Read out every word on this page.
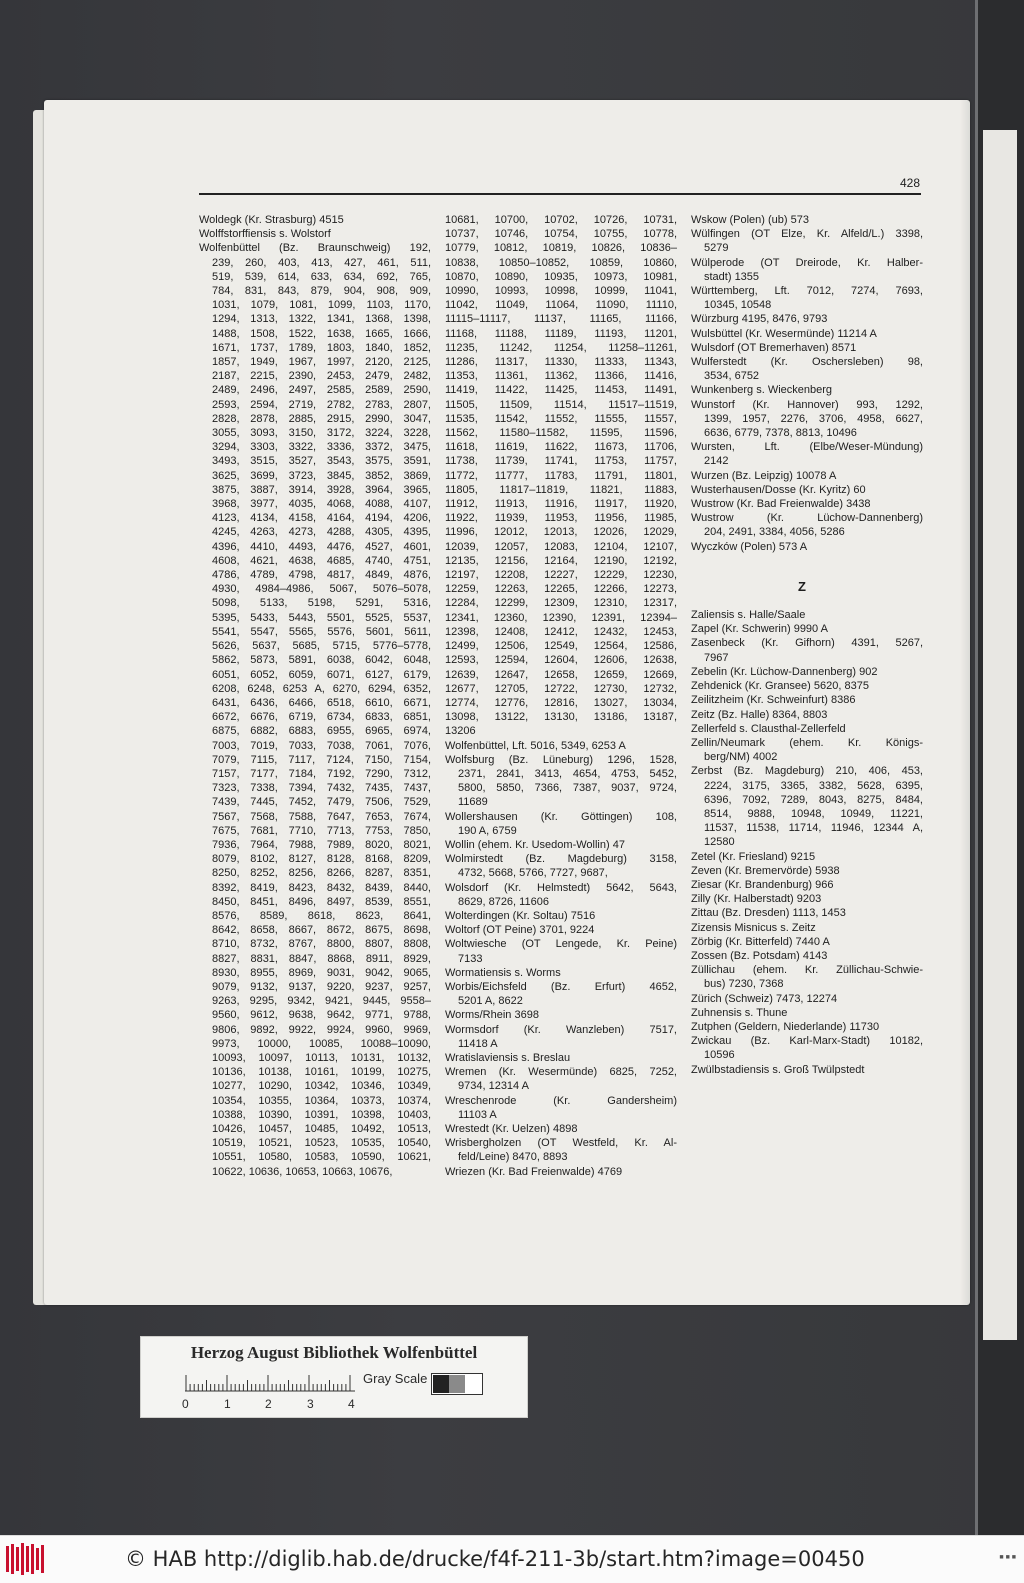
428

Woldegk (Kr. Strasburg) 4515

Wolffstorffiensis s. Wolstorf

Wolfenbüttel (Bz. Braunschweig) 192,
239, 260, 403, 413, 427, 461, 511,
519, 539, 614, 633, 634, 692, 765,
784, 831, 843, 879, 904, 908, 909,
1031, 1079, 1081, 1099, 1103, 1170,
1294, 1313, 1322, 1341, 1368, 1398,
1488, 1508, 1522, 1638, 1665, 1666,
1671, 1737, 1789, 1803, 1840, 1852,
1857, 1949, 1967, 1997, 2120, 2125,
2187, 2215, 2390, 2453, 2479, 2482,
2489, 2496, 2497, 2585, 2589, 2590,
2593, 2594, 2719, 2782, 2783, 2807,
2828, 2878, 2885, 2915, 2990, 3047,
3055, 3093, 3150, 3172, 3224, 3228,
3294, 3303, 3322, 3336, 3372, 3475,
3493, 3515, 3527, 3543, 3575, 3591,
3625, 3699, 3723, 3845, 3852, 3869,
3875, 3887, 3914, 3928, 3964, 3965,
3968, 3977, 4035, 4068, 4088, 4107,
4123, 4134, 4158, 4164, 4194, 4206,
4245, 4263, 4273, 4288, 4305, 4395,
4396, 4410, 4493, 4476, 4527, 4601,
4608, 4621, 4638, 4685, 4740, 4751,
4786, 4789, 4798, 4817, 4849, 4876,
4930, 4984–4986, 5067, 5076–5078,
5098, 5133, 5198, 5291, 5316,
5395, 5433, 5443, 5501, 5525, 5537,
5541, 5547, 5565, 5576, 5601, 5611,
5626, 5637, 5685, 5715, 5776–5778,
5862, 5873, 5891, 6038, 6042, 6048,
6051, 6052, 6059, 6071, 6127, 6179,
6208, 6248, 6253 A, 6270, 6294, 6352,
6431, 6436, 6466, 6518, 6610, 6671,
6672, 6676, 6719, 6734, 6833, 6851,
6875, 6882, 6883, 6955, 6965, 6974,
7003, 7019, 7033, 7038, 7061, 7076,
7079, 7115, 7117, 7124, 7150, 7154,
7157, 7177, 7184, 7192, 7290, 7312,
7323, 7338, 7394, 7432, 7435, 7437,
7439, 7445, 7452, 7479, 7506, 7529,
7567, 7568, 7588, 7647, 7653, 7674,
7675, 7681, 7710, 7713, 7753, 7850,
7936, 7964, 7988, 7989, 8020, 8021,
8079, 8102, 8127, 8128, 8168, 8209,
8250, 8252, 8256, 8266, 8287, 8351,
8392, 8419, 8423, 8432, 8439, 8440,
8450, 8451, 8496, 8497, 8539, 8551,
8576, 8589, 8618, 8623, 8641,
8642, 8658, 8667, 8672, 8675, 8698,
8710, 8732, 8767, 8800, 8807, 8808,
8827, 8831, 8847, 8868, 8911, 8929,
8930, 8955, 8969, 9031, 9042, 9065,
9079, 9132, 9137, 9220, 9237, 9257,
9263, 9295, 9342, 9421, 9445, 9558–
9560, 9612, 9638, 9642, 9771, 9788,
9806, 9892, 9922, 9924, 9960, 9969,
9973, 10000, 10085, 10088–10090,
10093, 10097, 10113, 10131, 10132,
10136, 10138, 10161, 10199, 10275,
10277, 10290, 10342, 10346, 10349,
10354, 10355, 10364, 10373, 10374,
10388, 10390, 10391, 10398, 10403,
10426, 10457, 10485, 10492, 10513,
10519, 10521, 10523, 10535, 10540,
10551, 10580, 10583, 10590, 10621,
10622, 10636, 10653, 10663, 10676,

10681, 10700, 10702, 10726, 10731,
10737, 10746, 10754, 10755, 10778,
10779, 10812, 10819, 10826, 10836–
10838, 10850–10852, 10859, 10860,
10870, 10890, 10935, 10973, 10981,
10990, 10993, 10998, 10999, 11041,
11042, 11049, 11064, 11090, 11110,
11115–11117, 11137, 11165, 11166,
11168, 11188, 11189, 11193, 11201,
11235, 11242, 11254, 11258–11261,
11286, 11317, 11330, 11333, 11343,
11353, 11361, 11362, 11366, 11416,
11419, 11422, 11425, 11453, 11491,
11505, 11509, 11514, 11517–11519,
11535, 11542, 11552, 11555, 11557,
11562, 11580–11582, 11595, 11596,
11618, 11619, 11622, 11673, 11706,
11738, 11739, 11741, 11753, 11757,
11772, 11777, 11783, 11791, 11801,
11805, 11817–11819, 11821, 11883,
11912, 11913, 11916, 11917, 11920,
11922, 11939, 11953, 11956, 11985,
11996, 12012, 12013, 12026, 12029,
12039, 12057, 12083, 12104, 12107,
12135, 12156, 12164, 12190, 12192,
12197, 12208, 12227, 12229, 12230,
12259, 12263, 12265, 12266, 12273,
12284, 12299, 12309, 12310, 12317,
12341, 12360, 12390, 12391, 12394–
12398, 12408, 12412, 12432, 12453,
12499, 12506, 12549, 12564, 12586,
12593, 12594, 12604, 12606, 12638,
12639, 12647, 12658, 12659, 12669,
12677, 12705, 12722, 12730, 12732,
12774, 12776, 12816, 13027, 13034,
13098, 13122, 13130, 13186, 13187,
13206

Wolfenbüttel, Lft. 5016, 5349, 6253 A

Wolfsburg (Bz. Lüneburg) 1296, 1528,
2371, 2841, 3413, 4654, 4753, 5452,
5800, 5850, 7366, 7387, 9037, 9724,
11689

Wollershausen (Kr. Göttingen) 108,
190 A, 6759

Wollin (ehem. Kr. Usedom-Wollin) 47

Wolmirstedt (Bz. Magdeburg) 3158,
4732, 5668, 5766, 7727, 9687,

Wolsdorf (Kr. Helmstedt) 5642, 5643,
8629, 8726, 11606

Wolterdingen (Kr. Soltau) 7516

Woltorf (OT Peine) 3701, 9224

Woltwiesche (OT Lengede, Kr. Peine)
7133

Wormatiensis s. Worms

Worbis/Eichsfeld (Bz. Erfurt) 4652,
5201 A, 8622

Worms/Rhein 3698

Wormsdorf (Kr. Wanzleben) 7517,
11418 A

Wratislaviensis s. Breslau

Wremen (Kr. Wesermünde) 6825, 7252,
9734, 12314 A

Wreschenrode (Kr. Gandersheim)
11103 A

Wrestedt (Kr. Uelzen) 4898

Wrisbergholzen (OT Westfeld, Kr. Al-
feld/Leine) 8470, 8893

Wriezen (Kr. Bad Freienwalde) 4769

Wskow (Polen) (ub) 573

Wülfingen (OT Elze, Kr. Alfeld/L.) 3398,
5279

Wülperode (OT Dreirode, Kr. Halber-
stadt) 1355

Württemberg, Lft. 7012, 7274, 7693,
10345, 10548

Würzburg 4195, 8476, 9793

Wulsbüttel (Kr. Wesermünde) 11214 A

Wulsdorf (OT Bremerhaven) 8571

Wulferstedt (Kr. Oschersleben) 98,
3534, 6752

Wunkenberg s. Wieckenberg

Wunstorf (Kr. Hannover) 993, 1292,
1399, 1957, 2276, 3706, 4958, 6627,
6636, 6779, 7378, 8813, 10496

Wursten, Lft. (Elbe/Weser-Mündung)
2142

Wurzen (Bz. Leipzig) 10078 A

Wusterhausen/Dosse (Kr. Kyritz) 60

Wustrow (Kr. Bad Freienwalde) 3438

Wustrow (Kr. Lüchow-Dannenberg)
204, 2491, 3384, 4056, 5286

Wyczków (Polen) 573 A

Z

Zaliensis s. Halle/Saale

Zapel (Kr. Schwerin) 9990 A

Zasenbeck (Kr. Gifhorn) 4391, 5267,
7967

Zebelin (Kr. Lüchow-Dannenberg) 902

Zehdenick (Kr. Gransee) 5620, 8375

Zeilitzheim (Kr. Schweinfurt) 8386

Zeitz (Bz. Halle) 8364, 8803

Zellerfeld s. Clausthal-Zellerfeld

Zellin/Neumark (ehem. Kr. Königs-
berg/NM) 4002

Zerbst (Bz. Magdeburg) 210, 406, 453,
2224, 3175, 3365, 3382, 5628, 6395,
6396, 7092, 7289, 8043, 8275, 8484,
8514, 9888, 10948, 10949, 11221,
11537, 11538, 11714, 11946, 12344 A,
12580

Zetel (Kr. Friesland) 9215

Zeven (Kr. Bremervörde) 5938

Ziesar (Kr. Brandenburg) 966

Zilly (Kr. Halberstadt) 9203

Zittau (Bz. Dresden) 1113, 1453

Zizensis Misnicus s. Zeitz

Zörbig (Kr. Bitterfeld) 7440 A

Zossen (Bz. Potsdam) 4143

Züllichau (ehem. Kr. Züllichau-Schwie-
bus) 7230, 7368

Zürich (Schweiz) 7473, 12274

Zuhnensis s. Thune

Zutphen (Geldern, Niederlande) 11730

Zwickau (Bz. Karl-Marx-Stadt) 10182,
10596

Zwülbstadiensis s. Groß Twülpstedt

Herzog August Bibliothek Wolfenbüttel
0	1	2	3	4
Gray Scale
© HAB http://diglib.hab.de/drucke/f4f-211-3b/start.htm?image=00450	■ ■ ■
